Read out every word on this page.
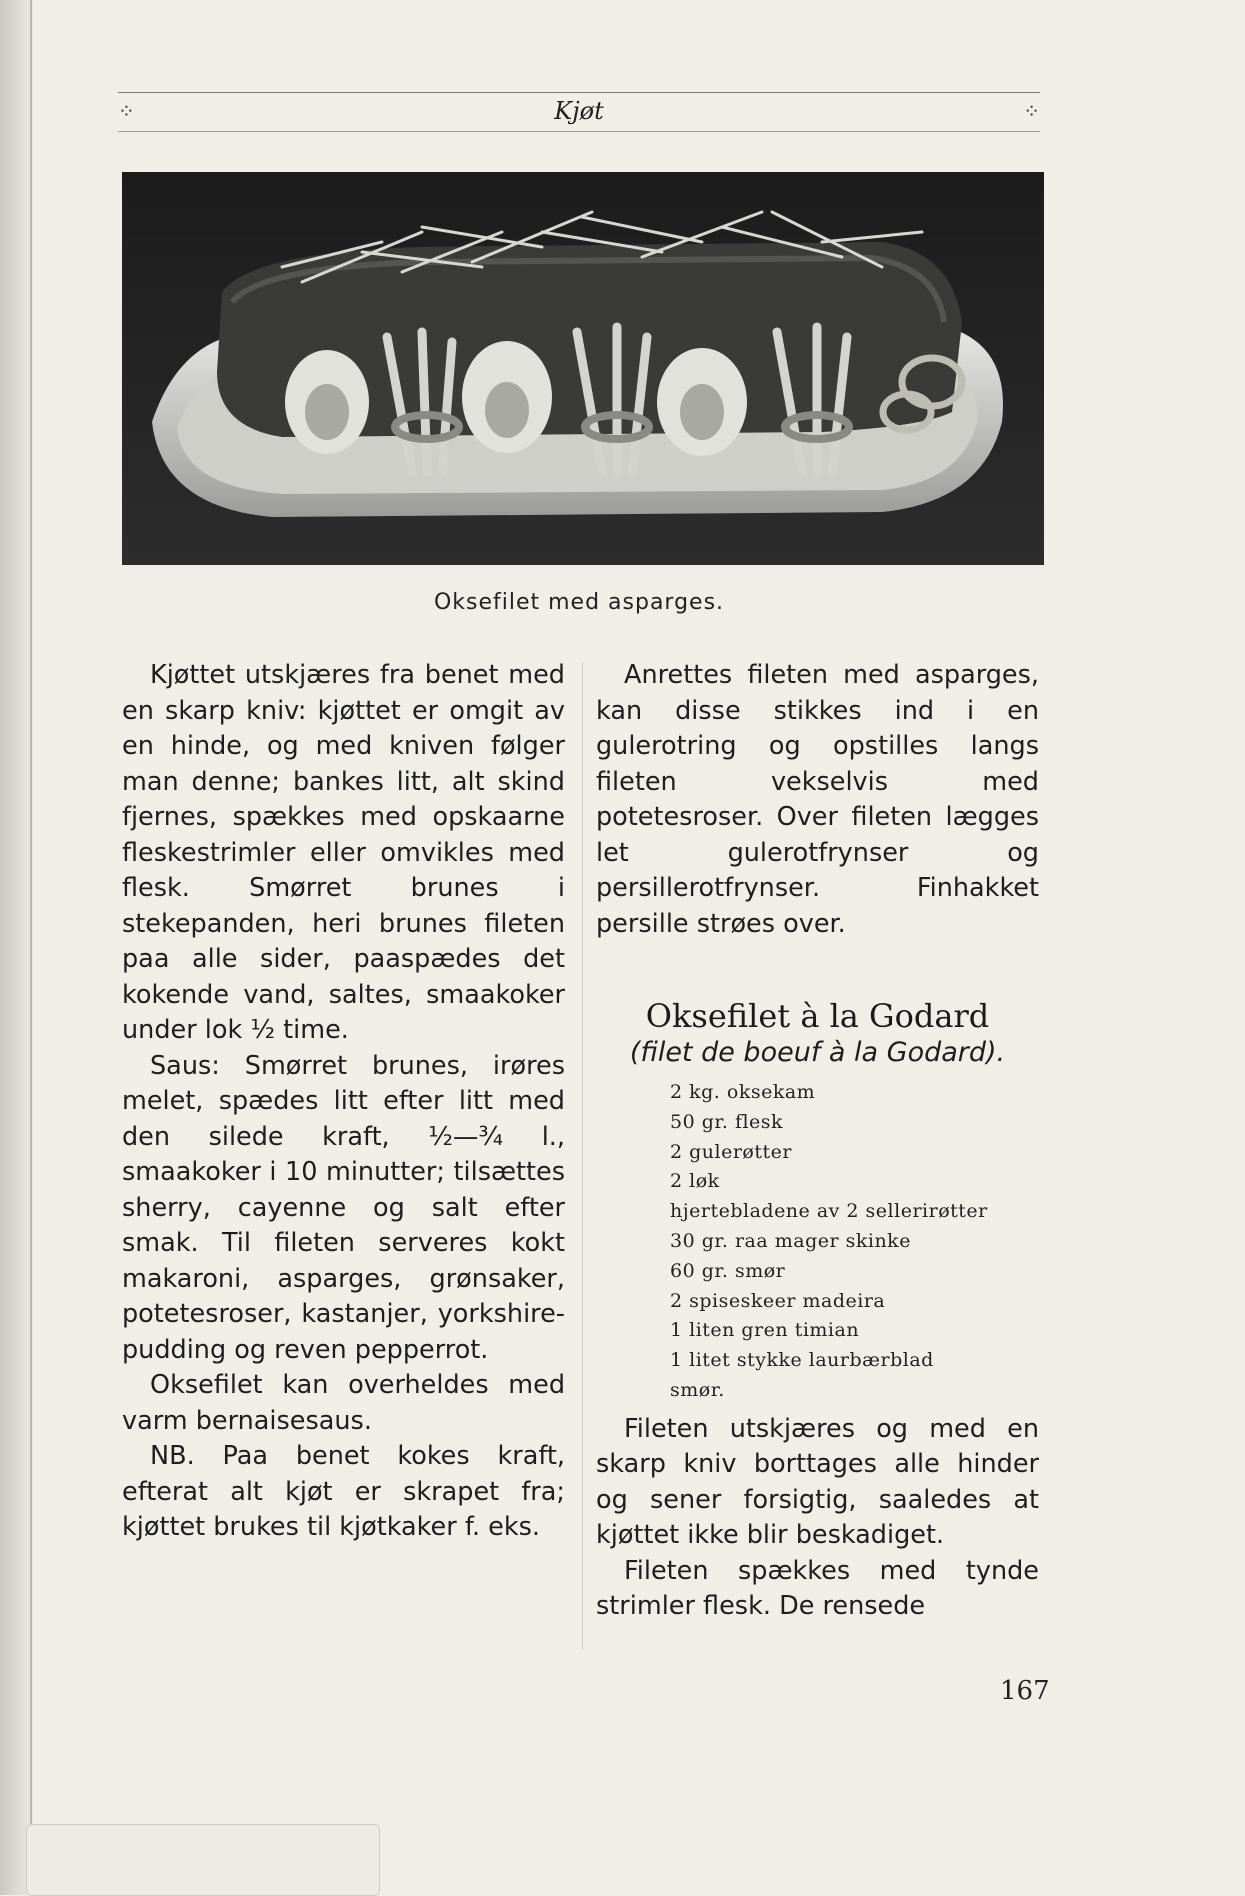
⁘	Kjøt	⁘
Oksefilet med asparges.

Kjøttet utskjæres fra benet med en skarp kniv: kjøttet er omgit av en hinde, og med kniven følger man denne; bankes litt, alt skind fjernes, spækkes med opskaarne fleskestrimler eller omvikles med flesk. Smørret brunes i stekepanden, heri brunes fileten paa alle sider, paaspædes det kokende vand, saltes, smaakoker under lok ½ time.

Saus: Smørret brunes, irøres melet, spædes litt efter litt med den silede kraft, ½—¾ l., smaakoker i 10 minutter; tilsættes sherry, cayenne og salt efter smak. Til fileten serveres kokt makaroni, asparges, grønsaker, potetesroser, kastanjer, yorkshire-pudding og reven pepperrot.

Oksefilet kan overheldes med varm bernaisesaus.

NB. Paa benet kokes kraft, efterat alt kjøt er skrapet fra; kjøttet brukes til kjøtkaker f. eks.

Anrettes fileten med asparges, kan disse stikkes ind i en gulerotring og opstilles langs fileten vekselvis med potetesroser. Over fileten lægges let gulerotfrynser og persillerotfrynser. Finhakket persille strøes over.

Oksefilet à la Godard
(filet de boeuf à la Godard).
2 kg. oksekam
50 gr. flesk
2 gulerøtter
2 løk
hjertebladene av 2 sellerirøtter
30 gr. raa mager skinke
60 gr. smør
2 spiseskeer madeira
1 liten gren timian
1 litet stykke laurbærblad
smør.

Fileten utskjæres og med en skarp kniv borttages alle hinder og sener forsigtig, saaledes at kjøttet ikke blir beskadiget.

Fileten spækkes med tynde strimler flesk. De rensede

167
